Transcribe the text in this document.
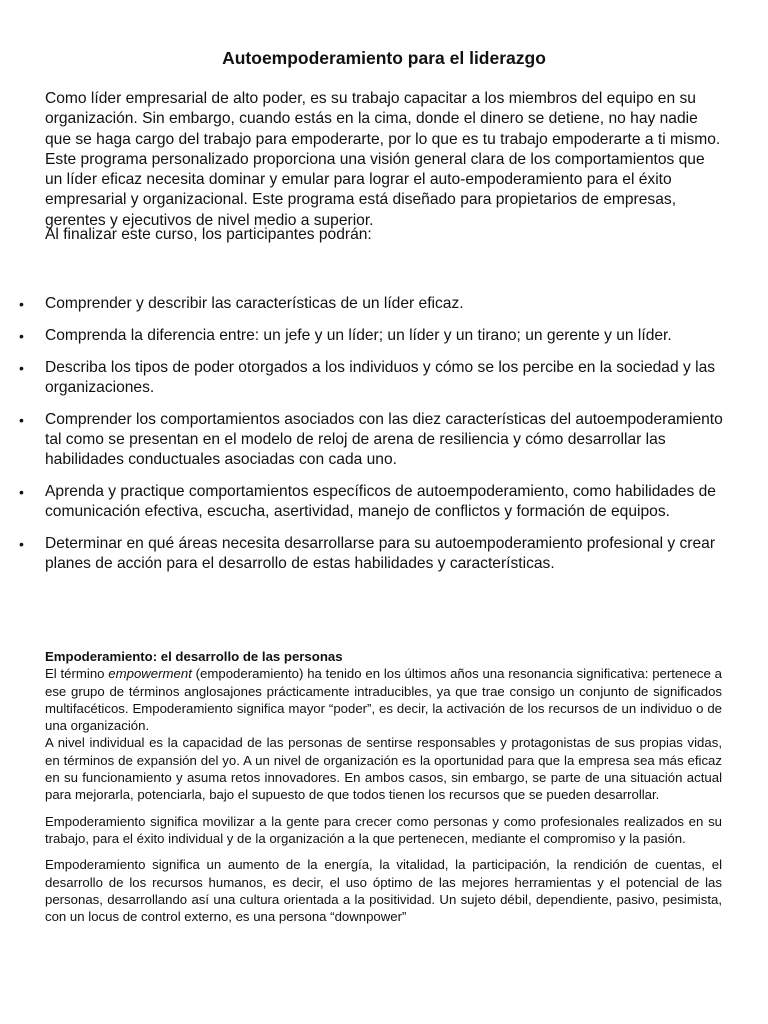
Autoempoderamiento para el liderazgo

Como líder empresarial de alto poder, es su trabajo capacitar a los miembros del equipo en su organización. Sin embargo, cuando estás en la cima, donde el dinero se detiene, no hay nadie que se haga cargo del trabajo para empoderarte, por lo que es tu trabajo empoderarte a ti mismo. Este programa personalizado proporciona una visión general clara de los comportamientos que un líder eficaz necesita dominar y emular para lograr el auto-empoderamiento para el éxito empresarial y organizacional. Este programa está diseñado para propietarios de empresas, gerentes y ejecutivos de nivel medio a superior.

Al finalizar este curso, los participantes podrán:

• Comprender y describir las características de un líder eficaz.
• Comprenda la diferencia entre: un jefe y un líder; un líder y un tirano; un gerente y un líder.
• Describa los tipos de poder otorgados a los individuos y cómo se los percibe en la sociedad y las organizaciones.
• Comprender los comportamientos asociados con las diez características del autoempoderamiento tal como se presentan en el modelo de reloj de arena de resiliencia y cómo desarrollar las habilidades conductuales asociadas con cada uno.
• Aprenda y practique comportamientos específicos de autoempoderamiento, como habilidades de comunicación efectiva, escucha, asertividad, manejo de conflictos y formación de equipos.
• Determinar en qué áreas necesita desarrollarse para su autoempoderamiento profesional y crear planes de acción para el desarrollo de estas habilidades y características.
Empoderamiento: el desarrollo de las personas

El término empowerment (empoderamiento) ha tenido en los últimos años una resonancia significativa: pertenece a ese grupo de términos anglosajones prácticamente intraducibles, ya que trae consigo un conjunto de significados multifacéticos. Empoderamiento significa mayor “poder”, es decir, la activación de los recursos de un individuo o de una organización.

A nivel individual es la capacidad de las personas de sentirse responsables y protagonistas de sus propias vidas, en términos de expansión del yo. A un nivel de organización es la oportunidad para que la empresa sea más eficaz en su funcionamiento y asuma retos innovadores. En ambos casos, sin embargo, se parte de una situación actual para mejorarla, potenciarla, bajo el supuesto de que todos tienen los recursos que se pueden desarrollar.

Empoderamiento significa movilizar a la gente para crecer como personas y como profesionales realizados en su trabajo, para el éxito individual y de la organización a la que pertenecen, mediante el compromiso y la pasión.

Empoderamiento significa un aumento de la energía, la vitalidad, la participación, la rendición de cuentas, el desarrollo de los recursos humanos, es decir, el uso óptimo de las mejores herramientas y el potencial de las personas, desarrollando así una cultura orientada a la positividad. Un sujeto débil, dependiente, pasivo, pesimista, con un locus de control externo, es una persona “downpower”
